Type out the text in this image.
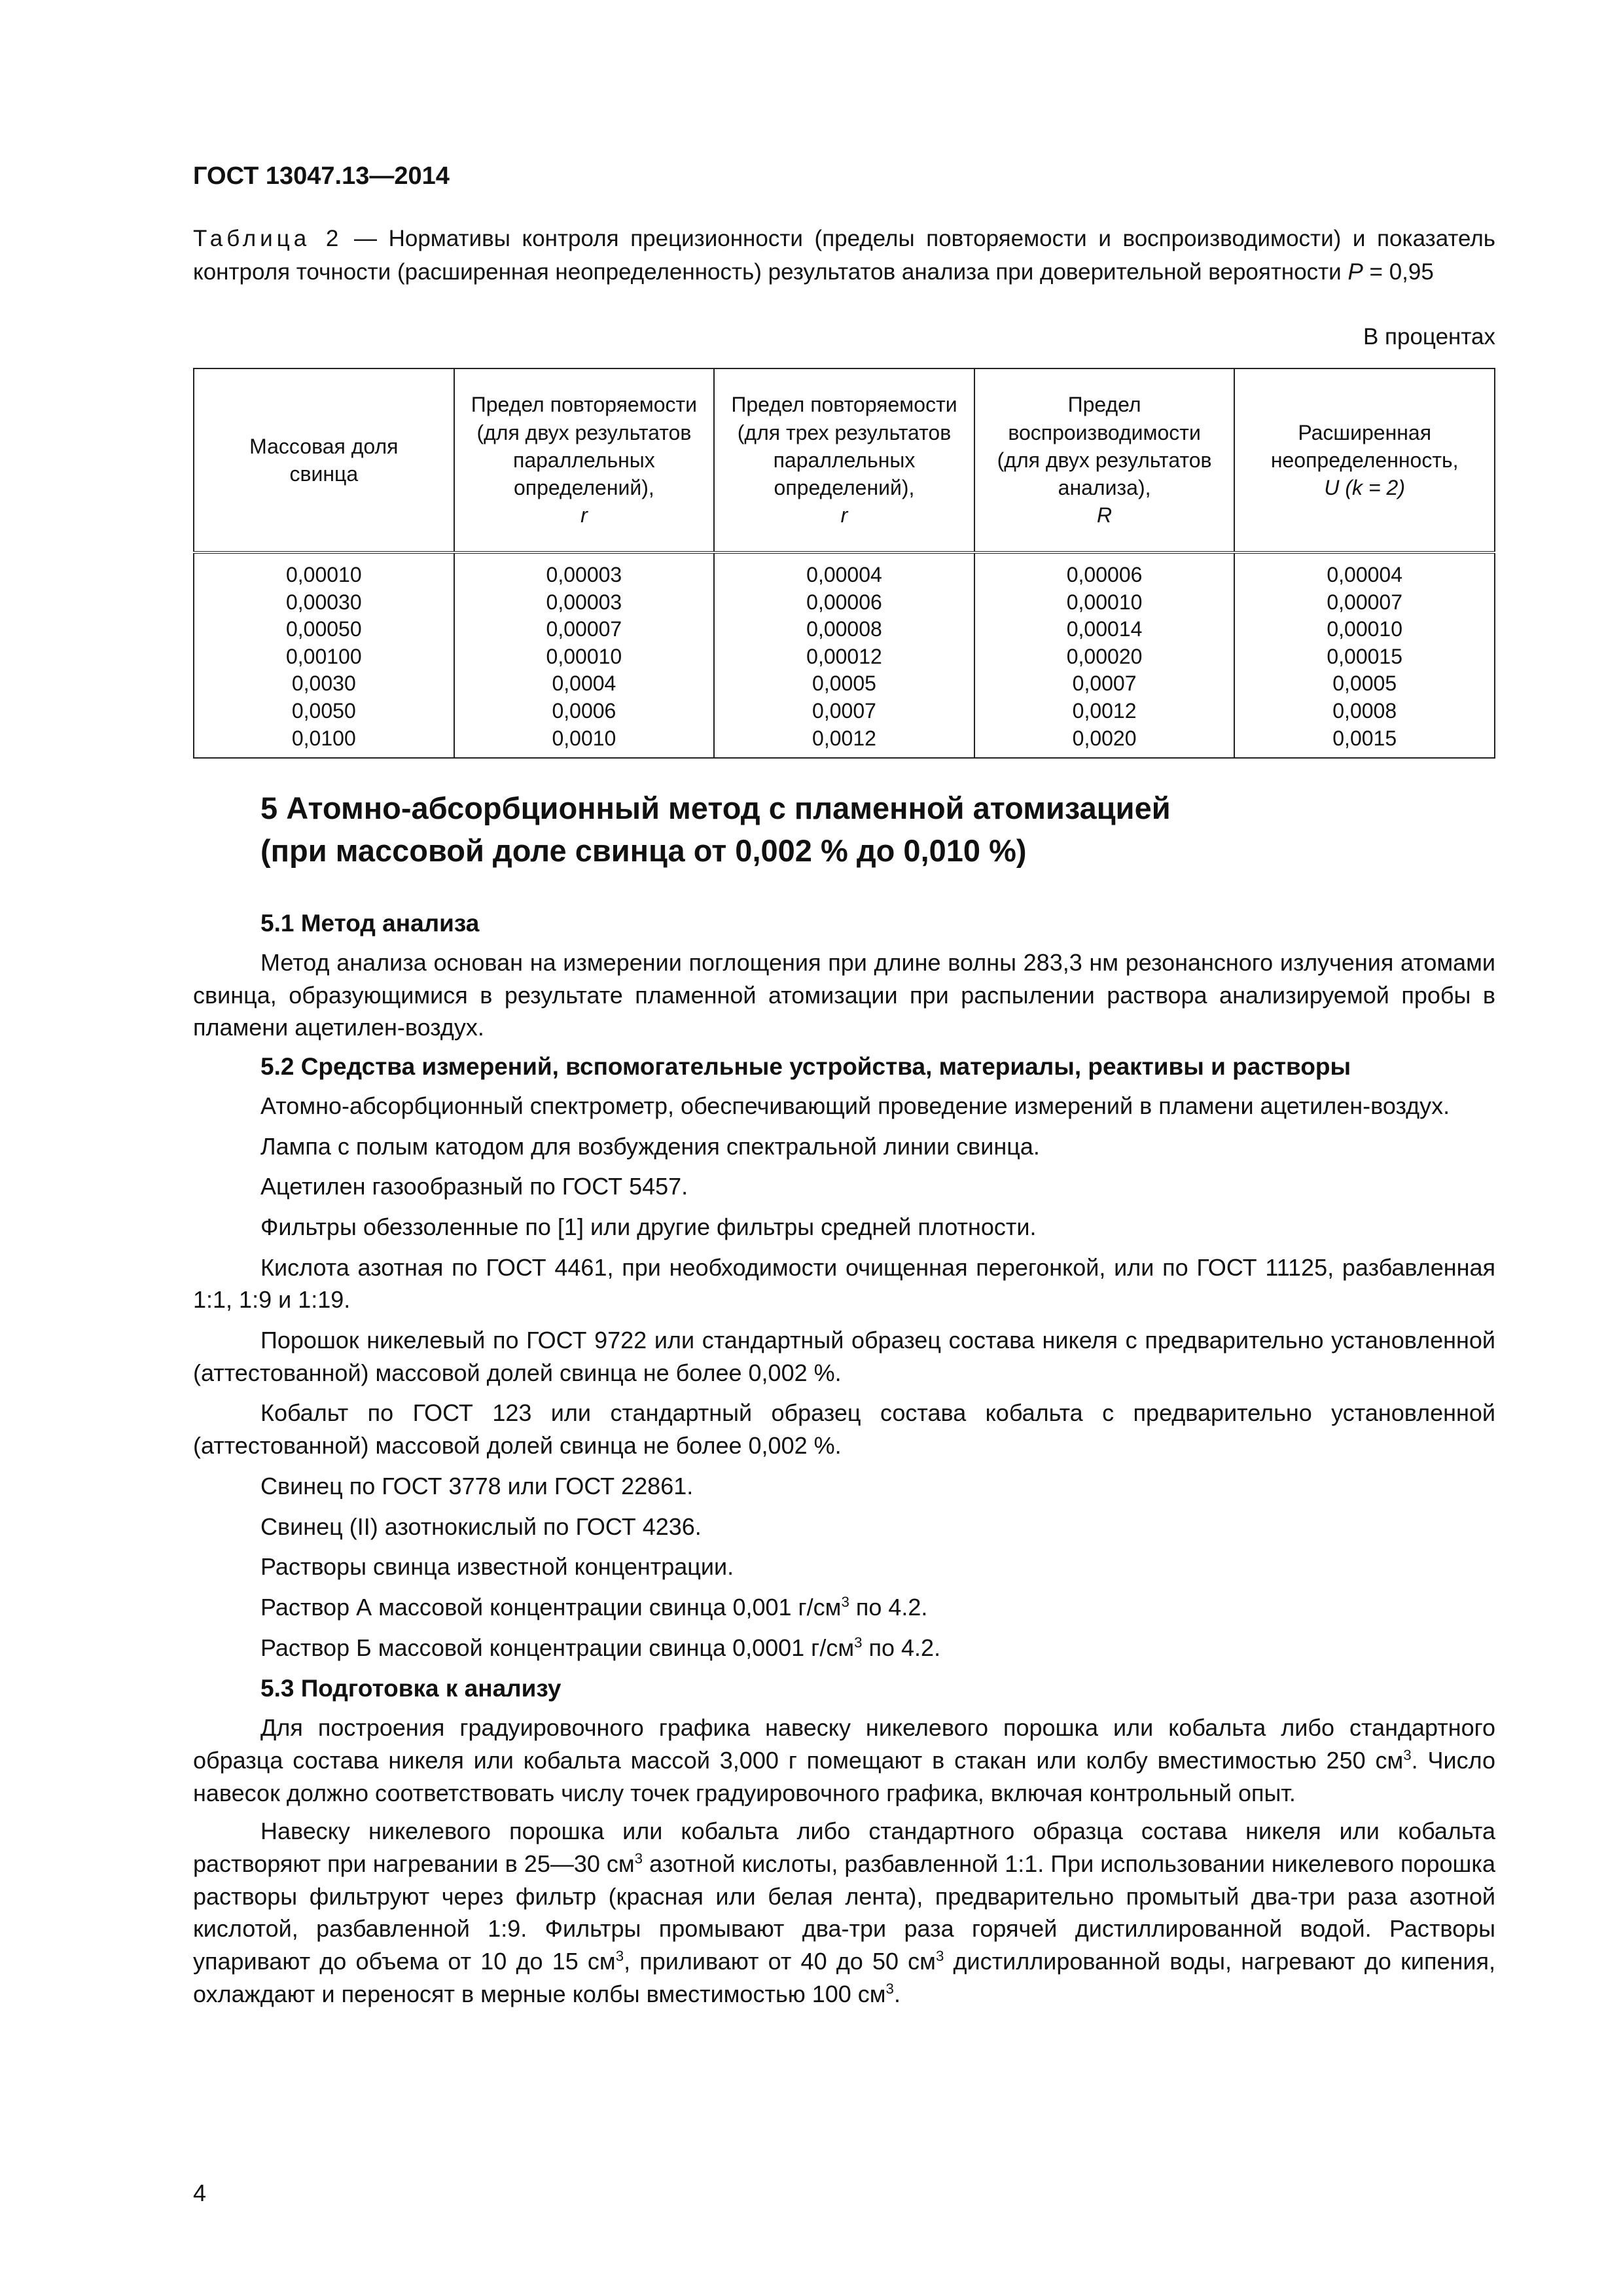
ГОСТ 13047.13—2014
Таблица 2 — Нормативы контроля прецизионности (пределы повторяемости и воспроизводимости) и показатель контроля точности (расширенная неопределенность) результатов анализа при доверительной вероятности P = 0,95
В процентах
Массовая доля
свинца	Предел повторяемости
(для двух результатов
параллельных
определений),
r	Предел повторяемости
(для трех результатов
параллельных
определений),
r	Предел
воспроизводимости
(для двух результатов
анализа),
R	Расширенная
неопределенность,
U (k = 2)
0,00010	0,00003	0,00004	0,00006	0,00004
0,00030	0,00003	0,00006	0,00010	0,00007
0,00050	0,00007	0,00008	0,00014	0,00010
0,00100	0,00010	0,00012	0,00020	0,00015
0,0030	0,0004	0,0005	0,0007	0,0005
0,0050	0,0006	0,0007	0,0012	0,0008
0,0100	0,0010	0,0012	0,0020	0,0015
5 Атомно-абсорбционный метод с пламенной атомизацией
(при массовой доле свинца от 0,002 % до 0,010 %)
5.1 Метод анализа

Метод анализа основан на измерении поглощения при длине волны 283,3 нм резонансного излучения атомами свинца, образующимися в результате пламенной атомизации при распылении раствора анализируемой пробы в пламени ацетилен-воздух.

5.2 Средства измерений, вспомогательные устройства, материалы, реактивы и растворы

Атомно-абсорбционный спектрометр, обеспечивающий проведение измерений в пламени ацетилен-воздух.

Лампа с полым катодом для возбуждения спектральной линии свинца.

Ацетилен газообразный по ГОСТ 5457.

Фильтры обеззоленные по [1] или другие фильтры средней плотности.

Кислота азотная по ГОСТ 4461, при необходимости очищенная перегонкой, или по ГОСТ 11125, разбавленная 1:1, 1:9 и 1:19.

Порошок никелевый по ГОСТ 9722 или стандартный образец состава никеля с предварительно установленной (аттестованной) массовой долей свинца не более 0,002 %.

Кобальт по ГОСТ 123 или стандартный образец состава кобальта с предварительно установленной (аттестованной) массовой долей свинца не более 0,002 %.

Свинец по ГОСТ 3778 или ГОСТ 22861.

Свинец (II) азотнокислый по ГОСТ 4236.

Растворы свинца известной концентрации.

Раствор А массовой концентрации свинца 0,001 $г/см^3$ по 4.2.

Раствор Б массовой концентрации свинца 0,0001 $г/см^3$ по 4.2.

5.3 Подготовка к анализу

Для построения градуировочного графика навеску никелевого порошка или кобальта либо стандартного образца состава никеля или кобальта массой 3,000 г помещают в стакан или колбу вместимостью 250 $см^3$. Число навесок должно соответствовать числу точек градуировочного графика, включая контрольный опыт.

Навеску никелевого порошка или кобальта либо стандартного образца состава никеля или кобальта растворяют при нагревании в 25—30 $см^3$ азотной кислоты, разбавленной 1:1. При использовании никелевого порошка растворы фильтруют через фильтр (красная или белая лента), предварительно промытый два-три раза азотной кислотой, разбавленной 1:9. Фильтры промывают два-три раза горячей дистиллированной водой. Растворы упаривают до объема от 10 до 15 $см^3$, приливают от 40 до 50 $см^3$ дистиллированной воды, нагревают до кипения, охлаждают и переносят в мерные колбы вместимостью 100 $см^3$.

4
